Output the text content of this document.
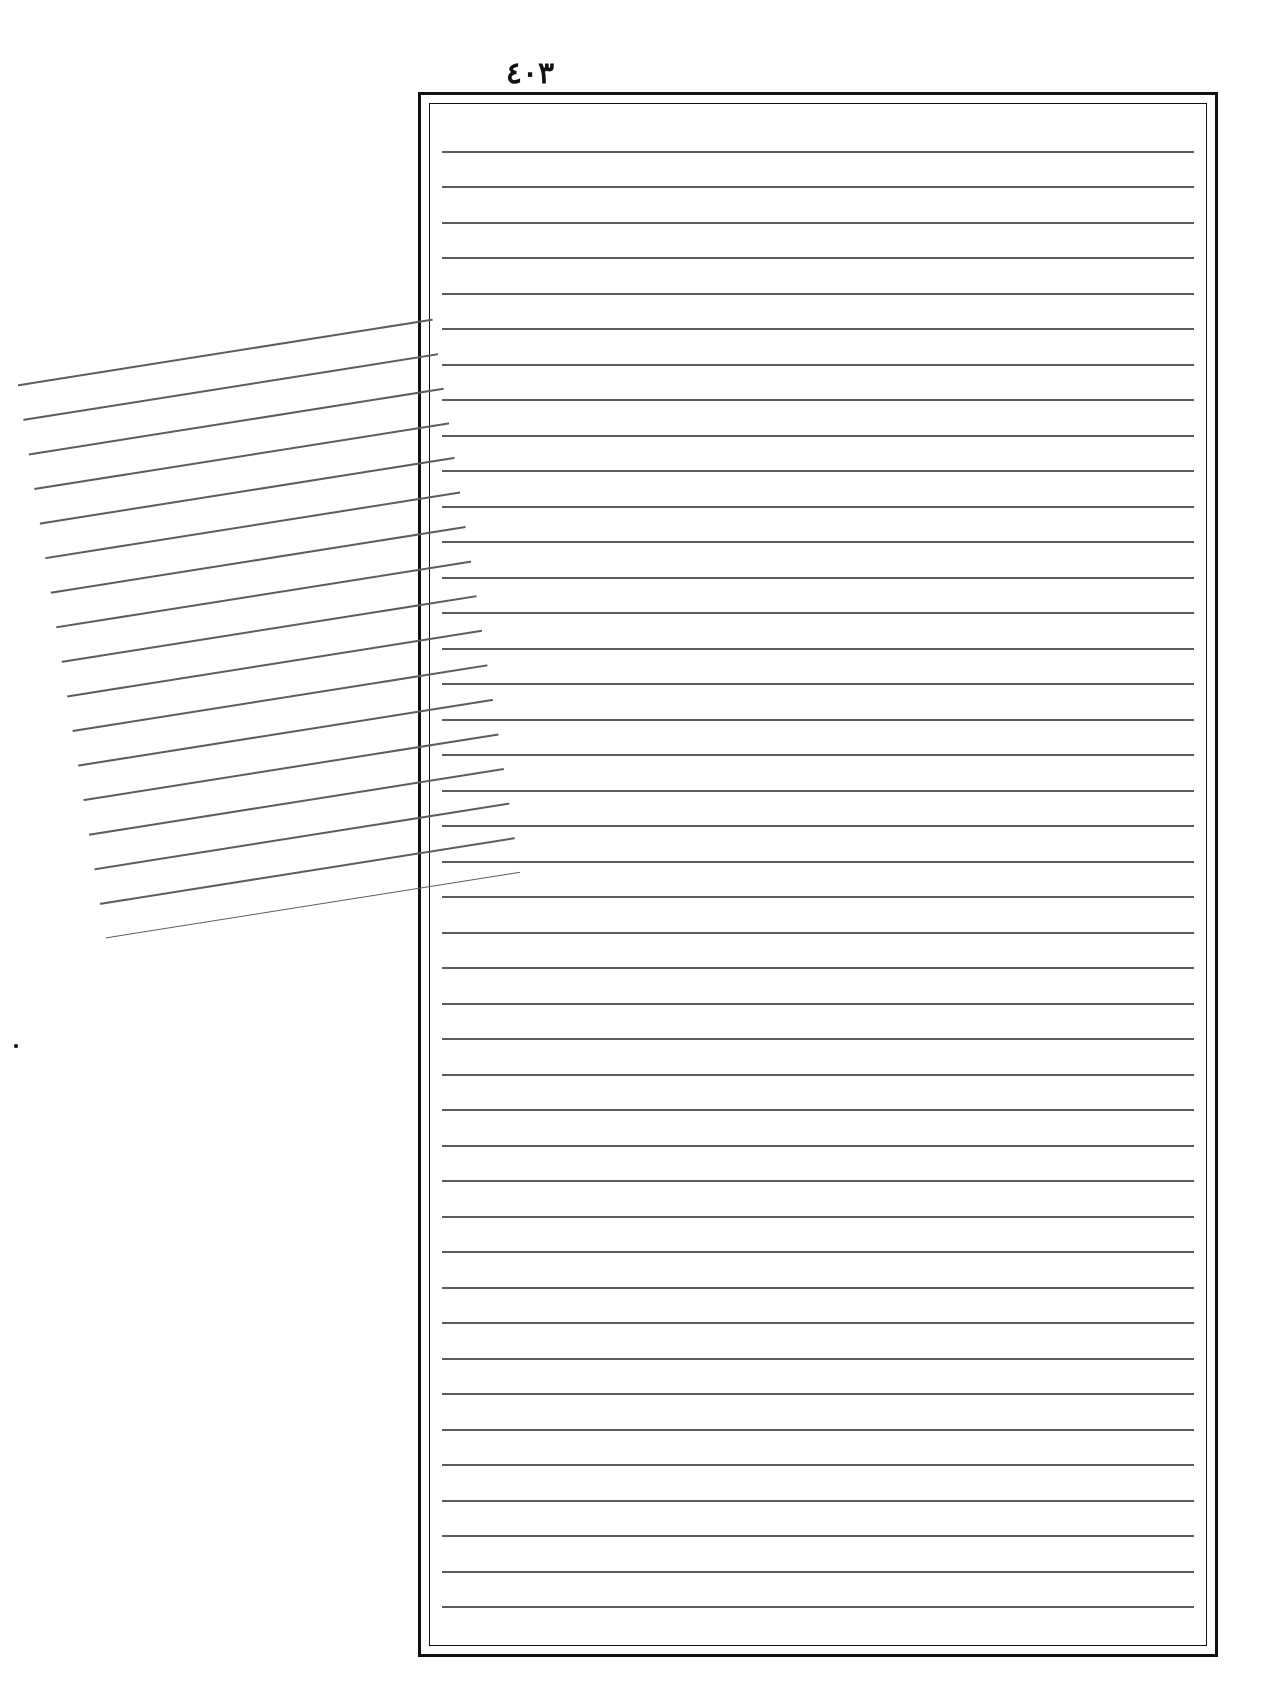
٤٠٣
